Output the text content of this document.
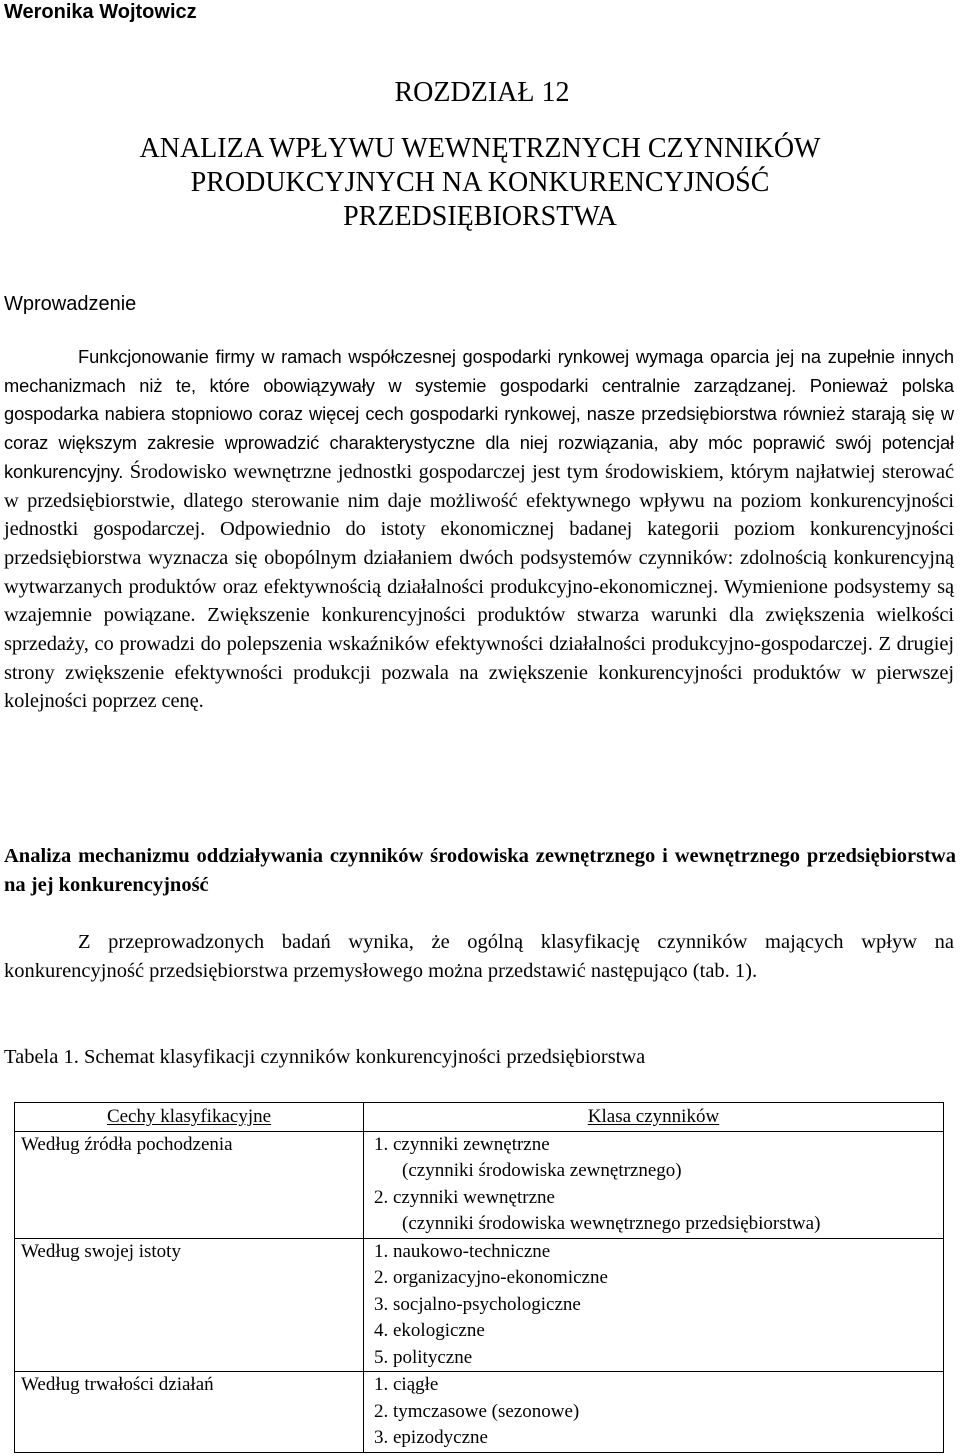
Weronika Wojtowicz
ROZDZIAŁ 12
ANALIZA WPŁYWU WEWNĘTRZNYCH CZYNNIKÓW
PRODUKCYJNYCH NA KONKURENCYJNOŚĆ
PRZEDSIĘBIORSTWA
Wprowadzenie

Funkcjonowanie firmy w ramach współczesnej gospodarki rynkowej wymaga oparcia jej na zupełnie innych mechanizmach niż te, które obowiązywały w systemie gospodarki centralnie zarządzanej. Ponieważ polska gospodarka nabiera stopniowo coraz więcej cech gospodarki rynkowej, nasze przedsiębiorstwa również starają się w coraz większym zakresie wprowadzić charakterystyczne dla niej rozwiązania, aby móc poprawić swój potencjał konkurencyjny. Środowisko wewnętrzne jednostki gospodarczej jest tym środowiskiem, którym najłatwiej sterować w przedsiębiorstwie, dlatego sterowanie nim daje możliwość efektywnego wpływu na poziom konkurencyjności jednostki gospodarczej. Odpowiednio do istoty ekonomicznej badanej kategorii poziom konkurencyjności przedsiębiorstwa wyznacza się obopólnym działaniem dwóch podsystemów czynników: zdolnością konkurencyjną wytwarzanych produktów oraz efektywnością działalności produkcyjno-ekonomicznej. Wymienione podsystemy są wzajemnie powiązane. Zwiększenie konkurencyjności produktów stwarza warunki dla zwiększenia wielkości sprzedaży, co prowadzi do polepszenia wskaźników efektywności działalności produkcyjno-gospodarczej. Z drugiej strony zwiększenie efektywności produkcji pozwala na zwiększenie konkurencyjności produktów w pierwszej kolejności poprzez cenę.

Analiza mechanizmu oddziaływania czynników środowiska zewnętrznego i wewnętrznego przedsiębiorstwa na jej konkurencyjność

Z przeprowadzonych badań wynika, że ogólną klasyfikację czynników mających wpływ na konkurencyjność przedsiębiorstwa przemysłowego można przedstawić następująco (tab. 1).

Tabela 1. Schemat klasyfikacji czynników konkurencyjności przedsiębiorstwa
Cechy klasyfikacyjne	Klasa czynników
Według źródła pochodzenia	1. czynniki zewnętrzne
(czynniki środowiska zewnętrznego)
2. czynniki wewnętrzne
(czynniki środowiska wewnętrznego przedsiębiorstwa)

Według swojej istoty	1. naukowo-techniczne
2. organizacyjno-ekonomiczne
3. socjalno-psychologiczne
4. ekologiczne
5. polityczne

Według trwałości działań	1. ciągłe
2. tymczasowe (sezonowe)
3. epizodyczne
